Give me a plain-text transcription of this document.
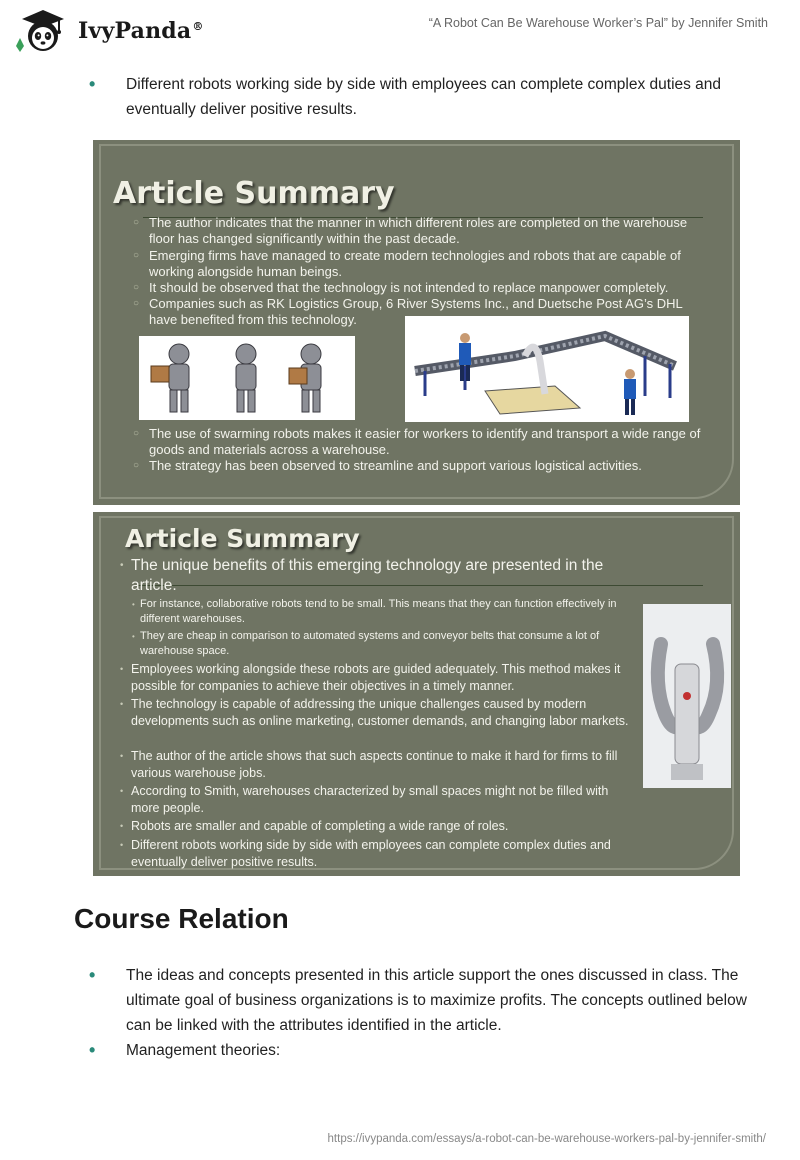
IvyPanda®	“A Robot Can Be Warehouse Worker’s Pal” by Jennifer Smith
• Different robots working side by side with employees can complete complex duties and eventually deliver positive results.
Article Summary
○ The author indicates that the manner in which different roles are completed on the warehouse floor has changed significantly within the past decade.
○ Emerging firms have managed to create modern technologies and robots that are capable of working alongside human beings.
○ It should be observed that the technology is not intended to replace manpower completely.
○ Companies such as RK Logistics Group, 6 River Systems Inc., and Duetsche Post AG’s DHL have benefited from this technology.
○ The use of swarming robots makes it easier for workers to identify and transport a wide range of goods and materials across a warehouse.
○ The strategy has been observed to streamline and support various logistical activities.
Article Summary
• The unique benefits of this emerging technology are presented in the article.
• For instance, collaborative robots tend to be small. This means that they can function effectively in different warehouses.
• They are cheap in comparison to automated systems and conveyor belts that consume a lot of warehouse space.
• Employees working alongside these robots are guided adequately. This method makes it possible for companies to achieve their objectives in a timely manner.
• The technology is capable of addressing the unique challenges caused by modern developments such as online marketing, customer demands, and changing labor markets.
• The author of the article shows that such aspects continue to make it hard for firms to fill various warehouse jobs.
• According to Smith, warehouses characterized by small spaces might not be filled with more people.
• Robots are smaller and capable of completing a wide range of roles.
• Different robots working side by side with employees can complete complex duties and eventually deliver positive results.
Course Relation
• The ideas and concepts presented in this article support the ones discussed in class. The ultimate goal of business organizations is to maximize profits. The concepts outlined below can be linked with the attributes identified in the article.
• Management theories:
https://ivypanda.com/essays/a-robot-can-be-warehouse-workers-pal-by-jennifer-smith/
